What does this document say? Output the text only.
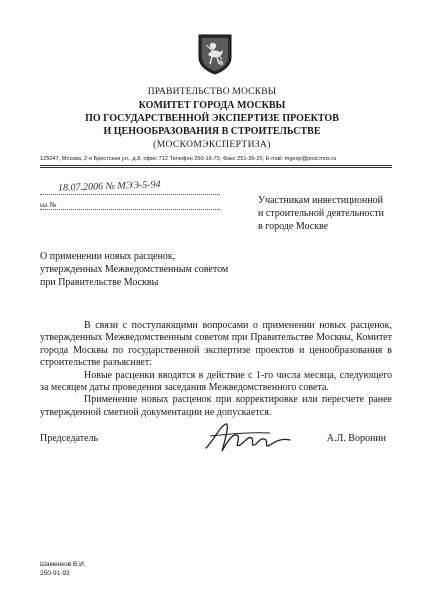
ПРАВИТЕЛЬСТВО МОСКВЫ
КОМИТЕТ ГОРОДА МОСКВЫ
ПО ГОСУДАРСТВЕННОЙ ЭКСПЕРТИЗЕ ПРОЕКТОВ
И ЦЕНООБРАЗОВАНИЯ В СТРОИТЕЛЬСТВЕ
(МОСКОМЭКСПЕРТИЗА)
125047, Москва, 2-я Брестская ул., д.8, офис 712 Телефон 250-16-70, Факс 251-36-20, E-mail: mgexp@post.mos.ru
18.07.2006 № МЭЭ-5-94
на №	Участникам инвестиционной
и строительной деятельности
в городе Москве
О применении новых расценок,
утвержденных Межведомственным советом
при Правительстве Москвы

В связи с поступающими вопросами о применении новых расценок, утвержденных Межведомственным советом при Правительстве Москвы, Комитет города Москвы по государственной экспертизе проектов и ценообразования в строительстве разъясняет:

Новые расценки вводятся в действие с 1-го числа месяца, следующего за месяцем даты проведения заседания Межведомственного совета.

Применение новых расценок при корректировке или пересчете ранее утвержденной сметной документации не допускается.

Председатель	А.Л. Воронин
Шаменков В.И.
250-91-93
